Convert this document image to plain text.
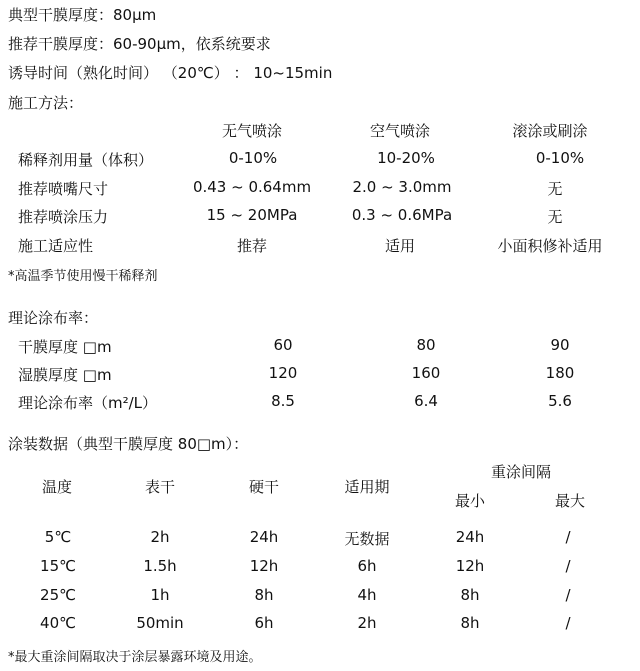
典型干膜厚度：80μm
推荐干膜厚度：60-90μm，依系统要求
诱导时间（熟化时间） （20℃） ： 10~15min
施工方法：
无气喷涂	空气喷涂	滚涂或刷涂
稀释剂用量（体积）	0-10%	10-20%	0-10%
推荐喷嘴尺寸	0.43 ~ 0.64mm	2.0 ~ 3.0mm	无
推荐喷涂压力	15 ~ 20MPa	0.3 ~ 0.6MPa	无
施工适应性	推荐	适用	小面积修补适用
*高温季节使用慢干稀释剂
理论涂布率：
干膜厚度 □m	60	80	90
湿膜厚度 □m	120	160	180
理论涂布率（m²/L）	8.5	6.4	5.6
涂装数据（典型干膜厚度 80□m）：
温度	表干	硬干	适用期
重涂间隔
最小	最大
5℃	2h	24h	无数据	24h	/
15℃	1.5h	12h	6h	12h	/
25℃	1h	8h	4h	8h	/
40℃	50min	6h	2h	8h	/
*最大重涂间隔取决于涂层暴露环境及用途。
